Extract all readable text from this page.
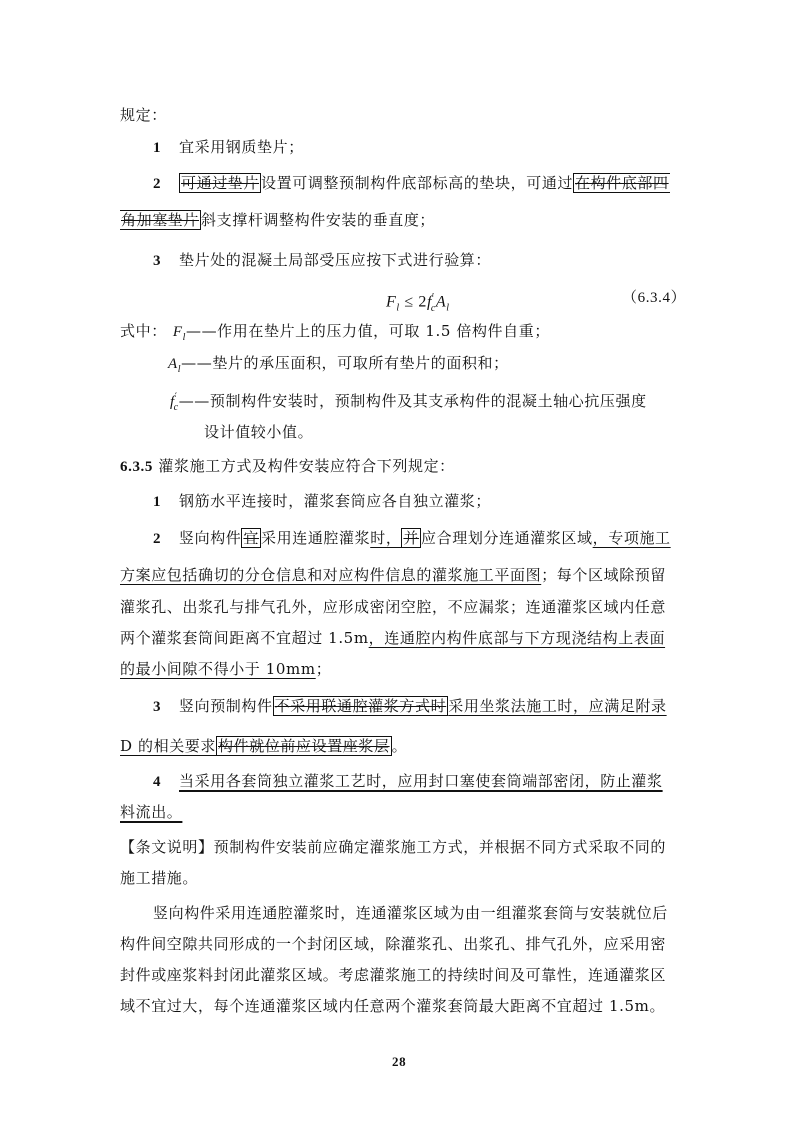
规定：
1 宜采用钢质垫片；
2 可通过垫片 设置可调整预制构件底部标高的垫块，可通过 在构件底部四
角加塞垫片 斜支撑杆调整构件安装的垂直度；
3 垫片处的混凝土局部受压应按下式进行验算：
$F_l \le 2f'_cA_l$
（6.3.4）
式中： $F_l——$作用在垫片上的压力值，可取 1.5 倍构件自重；
$A_l——$垫片的承压面积，可取所有垫片的面积和；
$f'_c——$预制构件安装时，预制构件及其支承构件的混凝土轴心抗压强度
设计值较小值。
6.3.5 灌浆施工方式及构件安装应符合下列规定：
1 钢筋水平连接时，灌浆套筒应各自独立灌浆；
2 竖向构件 宜 采用连通腔灌浆时， 并 应合理划分连通灌浆区域，专项施工
方案应包括确切的分仓信息和对应构件信息的灌浆施工平面图；每个区域除预留
灌浆孔、出浆孔与排气孔外，应形成密闭空腔，不应漏浆；连通灌浆区域内任意
两个灌浆套筒间距离不宜超过 1.5m，连通腔内构件底部与下方现浇结构上表面
的最小间隙不得小于 10mm；
3 竖向预制构件 不采用联通腔灌浆方式时 采用坐浆法施工时，应满足附录
D 的相关要求 构件就位前应设置座浆层 。
4 当采用各套筒独立灌浆工艺时，应用封口塞使套筒端部密闭，防止灌浆
料流出。
【条文说明】预制构件安装前应确定灌浆施工方式，并根据不同方式采取不同的
施工措施。
竖向构件采用连通腔灌浆时，连通灌浆区域为由一组灌浆套筒与安装就位后
构件间空隙共同形成的一个封闭区域，除灌浆孔、出浆孔、排气孔外，应采用密
封件或座浆料封闭此灌浆区域。考虑灌浆施工的持续时间及可靠性，连通灌浆区
域不宜过大，每个连通灌浆区域内任意两个灌浆套筒最大距离不宜超过 1.5m。
28
